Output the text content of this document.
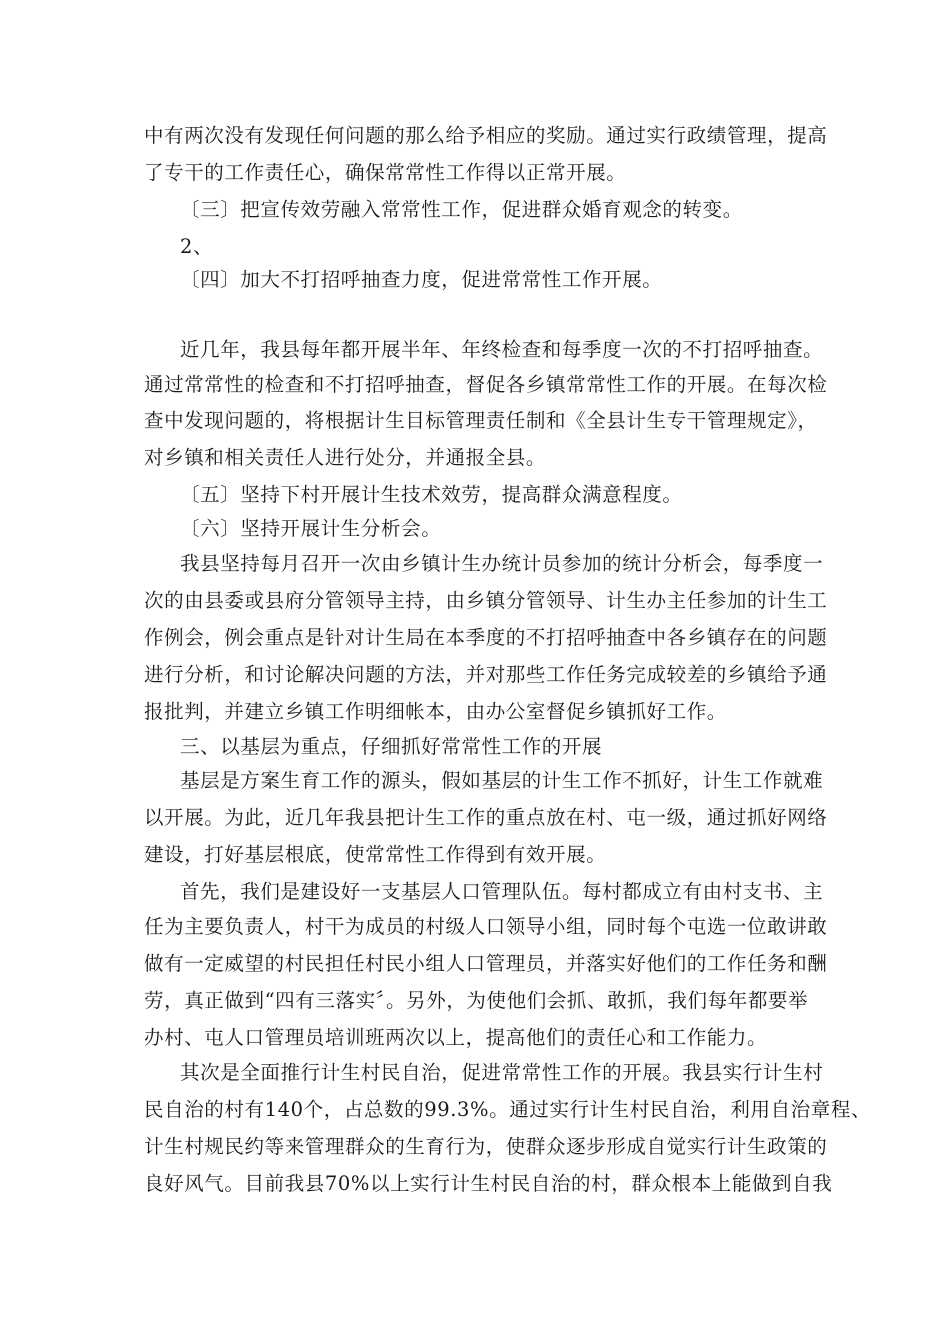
中有两次没有发现任何问题的那么给予相应的奖励。通过实行政绩管理，提高

了专干的工作责任心，确保常常性工作得以正常开展。

〔三〕把宣传效劳融入常常性工作，促进群众婚育观念的转变。

2、

〔四〕加大不打招呼抽查力度，促进常常性工作开展。

近几年，我县每年都开展半年、年终检查和每季度一次的不打招呼抽查。

通过常常性的检查和不打招呼抽查，督促各乡镇常常性工作的开展。在每次检

查中发现问题的，将根据计生目标管理责任制和《全县计生专干管理规定》，

对乡镇和相关责任人进行处分，并通报全县。

〔五〕坚持下村开展计生技术效劳，提高群众满意程度。

〔六〕坚持开展计生分析会。

我县坚持每月召开一次由乡镇计生办统计员参加的统计分析会，每季度一

次的由县委或县府分管领导主持，由乡镇分管领导、计生办主任参加的计生工

作例会，例会重点是针对计生局在本季度的不打招呼抽查中各乡镇存在的问题

进行分析，和讨论解决问题的方法，并对那些工作任务完成较差的乡镇给予通

报批判，并建立乡镇工作明细帐本，由办公室督促乡镇抓好工作。

三、以基层为重点，仔细抓好常常性工作的开展

基层是方案生育工作的源头，假如基层的计生工作不抓好，计生工作就难

以开展。为此，近几年我县把计生工作的重点放在村、屯一级，通过抓好网络

建设，打好基层根底，使常常性工作得到有效开展。

首先，我们是建设好一支基层人口管理队伍。每村都成立有由村支书、主

任为主要负责人，村干为成员的村级人口领导小组，同时每个屯选一位敢讲敢

做有一定威望的村民担任村民小组人口管理员，并落实好他们的工作任务和酬

劳，真正做到“四有三落实〞。另外，为使他们会抓、敢抓，我们每年都要举

办村、屯人口管理员培训班两次以上，提高他们的责任心和工作能力。

其次是全面推行计生村民自治，促进常常性工作的开展。我县实行计生村

民自治的村有140个，占总数的99.3%。通过实行计生村民自治，利用自治章程、

计生村规民约等来管理群众的生育行为，使群众逐步形成自觉实行计生政策的

良好风气。目前我县70%以上实行计生村民自治的村，群众根本上能做到自我
